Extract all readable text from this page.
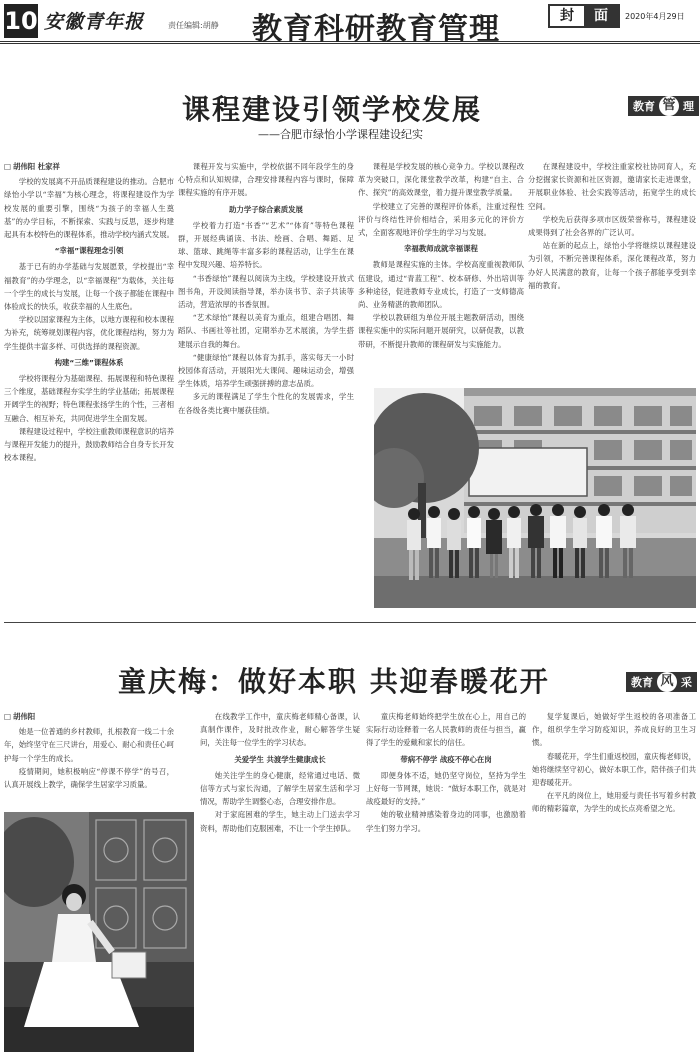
10 安徽青年报	责任编辑:胡静 教育科研教育管理	封	面	2020年4月29日
课程建设引领学校发展
——合肥市绿怡小学课程建设纪实
教育 管 理
□ 胡伟阳 杜家祥

学校的发展离不开品质课程建设的推动。合肥市绿怡小学以“幸福”为核心理念，将课程建设作为学校发展的重要引擎，围绕“为孩子的幸福人生奠基”的办学目标，不断探索、实践与反思，逐步构建起具有本校特色的课程体系，推动学校内涵式发展。

“幸福”课程理念引领

基于已有的办学基础与发展愿景，学校提出“幸福教育”的办学理念，以“幸福课程”为载体，关注每一个学生的成长与发展，让每一个孩子都能在课程中体验成长的快乐，收获幸福的人生底色。

学校以国家课程为主体，以地方课程和校本课程为补充，统筹规划课程内容，优化课程结构，努力为学生提供丰富多样、可供选择的课程资源。

构建“三维”课程体系

学校将课程分为基础课程、拓展课程和特色课程三个维度，基础课程夯实学生的学业基础；拓展课程开阔学生的视野；特色课程张扬学生的个性，三者相互融合、相互补充，共同促进学生全面发展。

课程建设过程中，学校注重教师课程意识的培养与课程开发能力的提升，鼓励教师结合自身专长开发校本课程。

课程开发与实施中，学校依据不同年段学生的身心特点和认知规律，合理安排课程内容与课时，保障课程实施的有序开展。

助力学子综合素质发展

学校着力打造“书香”“艺术”“体育”等特色课程群，开展经典诵读、书法、绘画、合唱、舞蹈、足球、篮球、跳绳等丰富多彩的课程活动，让学生在课程中发现兴趣、培养特长。

“书香绿怡”课程以阅读为主线，学校建设开放式图书角，开设阅读指导课，举办读书节、亲子共读等活动，营造浓厚的书香氛围。

“艺术绿怡”课程以美育为重点，组建合唱团、舞蹈队、书画社等社团，定期举办艺术展演，为学生搭建展示自我的舞台。

“健康绿怡”课程以体育为抓手，落实每天一小时校园体育活动，开展阳光大课间、趣味运动会，增强学生体质，培养学生顽强拼搏的意志品质。

多元的课程满足了学生个性化的发展需求，学生在各级各类比赛中屡获佳绩。

课程是学校发展的核心竞争力。学校以课程改革为突破口，深化课堂教学改革，构建“自主、合作、探究”的高效课堂，着力提升课堂教学质量。

学校建立了完善的课程评价体系，注重过程性评价与终结性评价相结合，采用多元化的评价方式，全面客观地评价学生的学习与发展。

幸福教师成就幸福课程

教师是课程实施的主体。学校高度重视教师队伍建设，通过“青蓝工程”、校本研修、外出培训等多种途径，促进教师专业成长，打造了一支师德高尚、业务精湛的教师团队。

学校以教研组为单位开展主题教研活动，围绕课程实施中的实际问题开展研究，以研促教，以教带研，不断提升教师的课程研发与实施能力。

在课程建设中，学校注重家校社协同育人，充分挖掘家长资源和社区资源，邀请家长走进课堂，开展职业体验、社会实践等活动，拓宽学生的成长空间。

学校先后获得多项市区级荣誉称号，课程建设成果得到了社会各界的广泛认可。

站在新的起点上，绿怡小学将继续以课程建设为引领，不断完善课程体系，深化课程改革，努力办好人民满意的教育，让每一个孩子都能享受到幸福的教育。

童庆梅：做好本职 共迎春暖花开	教育 风 采
□ 胡伟阳

她是一位普通的乡村教师，扎根教育一线二十余年，始终坚守在三尺讲台，用爱心、耐心和责任心呵护每一个学生的成长。

疫情期间，她积极响应“停课不停学”的号召，认真开展线上教学，确保学生居家学习质量。

在线教学工作中，童庆梅老师精心备课，认真制作课件，及时批改作业，耐心解答学生疑问，关注每一位学生的学习状态。

关爱学生 共渡学生健康成长

她关注学生的身心健康，经常通过电话、微信等方式与家长沟通，了解学生居家生活和学习情况，帮助学生调整心态，合理安排作息。

对于家庭困难的学生，她主动上门送去学习资料，帮助他们克服困难，不让一个学生掉队。

童庆梅老师始终把学生放在心上，用自己的实际行动诠释着一名人民教师的责任与担当，赢得了学生的爱戴和家长的信任。

带病不停学 战疫不停心在岗

即便身体不适，她仍坚守岗位，坚持为学生上好每一节网课，她说：“做好本职工作，就是对战疫最好的支持。”

她的敬业精神感染着身边的同事，也激励着学生们努力学习。

复学复课后，她做好学生返校的各项准备工作，组织学生学习防疫知识，养成良好的卫生习惯。

春暖花开，学生们重返校园，童庆梅老师说，她将继续坚守初心，做好本职工作，陪伴孩子们共迎春暖花开。

在平凡的岗位上，她用爱与责任书写着乡村教师的精彩篇章，为学生的成长点亮希望之光。
